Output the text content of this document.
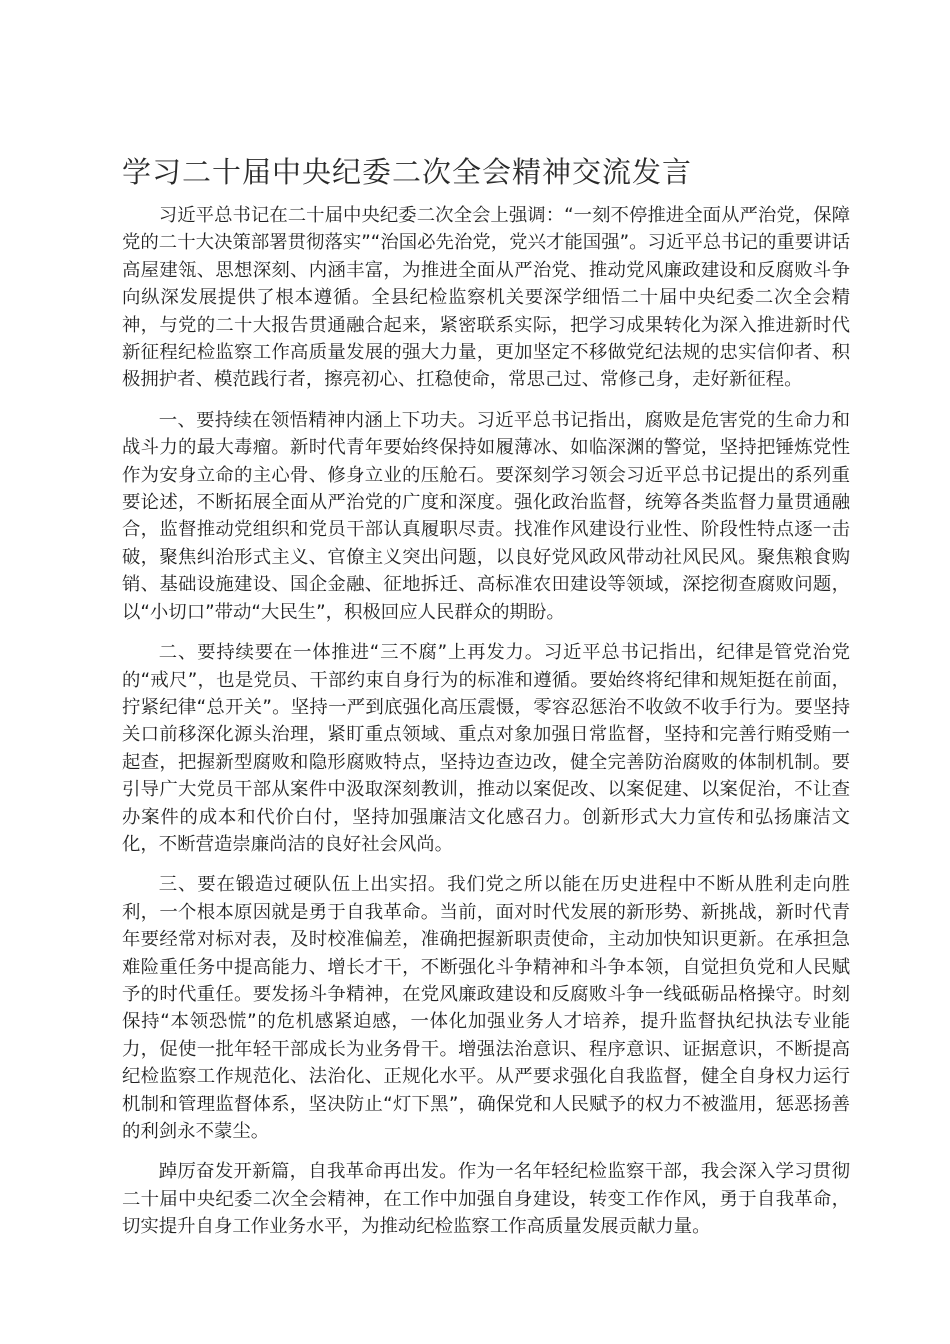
学习二十届中央纪委二次全会精神交流发言

习近平总书记在二十届中央纪委二次全会上强调：“一刻不停推进全面从严治党，保障党的二十大决策部署贯彻落实”“治国必先治党，党兴才能国强”。习近平总书记的重要讲话高屋建瓴、思想深刻、内涵丰富，为推进全面从严治党、推动党风廉政建设和反腐败斗争向纵深发展提供了根本遵循。全县纪检监察机关要深学细悟二十届中央纪委二次全会精神，与党的二十大报告贯通融合起来，紧密联系实际，把学习成果转化为深入推进新时代新征程纪检监察工作高质量发展的强大力量，更加坚定不移做党纪法规的忠实信仰者、积极拥护者、模范践行者，擦亮初心、扛稳使命，常思己过、常修己身，走好新征程。

一、要持续在领悟精神内涵上下功夫。习近平总书记指出，腐败是危害党的生命力和战斗力的最大毒瘤。新时代青年要始终保持如履薄冰、如临深渊的警觉，坚持把锤炼党性作为安身立命的主心骨、修身立业的压舱石。要深刻学习领会习近平总书记提出的系列重要论述，不断拓展全面从严治党的广度和深度。强化政治监督，统筹各类监督力量贯通融合，监督推动党组织和党员干部认真履职尽责。找准作风建设行业性、阶段性特点逐一击破，聚焦纠治形式主义、官僚主义突出问题，以良好党风政风带动社风民风。聚焦粮食购销、基础设施建设、国企金融、征地拆迁、高标准农田建设等领域，深挖彻查腐败问题，以“小切口”带动“大民生”，积极回应人民群众的期盼。

二、要持续要在一体推进“三不腐”上再发力。习近平总书记指出，纪律是管党治党的“戒尺”，也是党员、干部约束自身行为的标准和遵循。要始终将纪律和规矩挺在前面，拧紧纪律“总开关”。坚持一严到底强化高压震慑，零容忍惩治不收敛不收手行为。要坚持关口前移深化源头治理，紧盯重点领域、重点对象加强日常监督，坚持和完善行贿受贿一起查，把握新型腐败和隐形腐败特点，坚持边查边改，健全完善防治腐败的体制机制。要引导广大党员干部从案件中汲取深刻教训，推动以案促改、以案促建、以案促治，不让查办案件的成本和代价白付，坚持加强廉洁文化感召力。创新形式大力宣传和弘扬廉洁文化，不断营造崇廉尚洁的良好社会风尚。

三、要在锻造过硬队伍上出实招。我们党之所以能在历史进程中不断从胜利走向胜利，一个根本原因就是勇于自我革命。当前，面对时代发展的新形势、新挑战，新时代青年要经常对标对表，及时校准偏差，准确把握新职责使命，主动加快知识更新。在承担急难险重任务中提高能力、增长才干，不断强化斗争精神和斗争本领，自觉担负党和人民赋予的时代重任。要发扬斗争精神，在党风廉政建设和反腐败斗争一线砥砺品格操守。时刻保持“本领恐慌”的危机感紧迫感，一体化加强业务人才培养，提升监督执纪执法专业能力，促使一批年轻干部成长为业务骨干。增强法治意识、程序意识、证据意识，不断提高纪检监察工作规范化、法治化、正规化水平。从严要求强化自我监督，健全自身权力运行机制和管理监督体系，坚决防止“灯下黑”，确保党和人民赋予的权力不被滥用，惩恶扬善的利剑永不蒙尘。

踔厉奋发开新篇，自我革命再出发。作为一名年轻纪检监察干部，我会深入学习贯彻二十届中央纪委二次全会精神，在工作中加强自身建设，转变工作作风，勇于自我革命，切实提升自身工作业务水平，为推动纪检监察工作高质量发展贡献力量。
